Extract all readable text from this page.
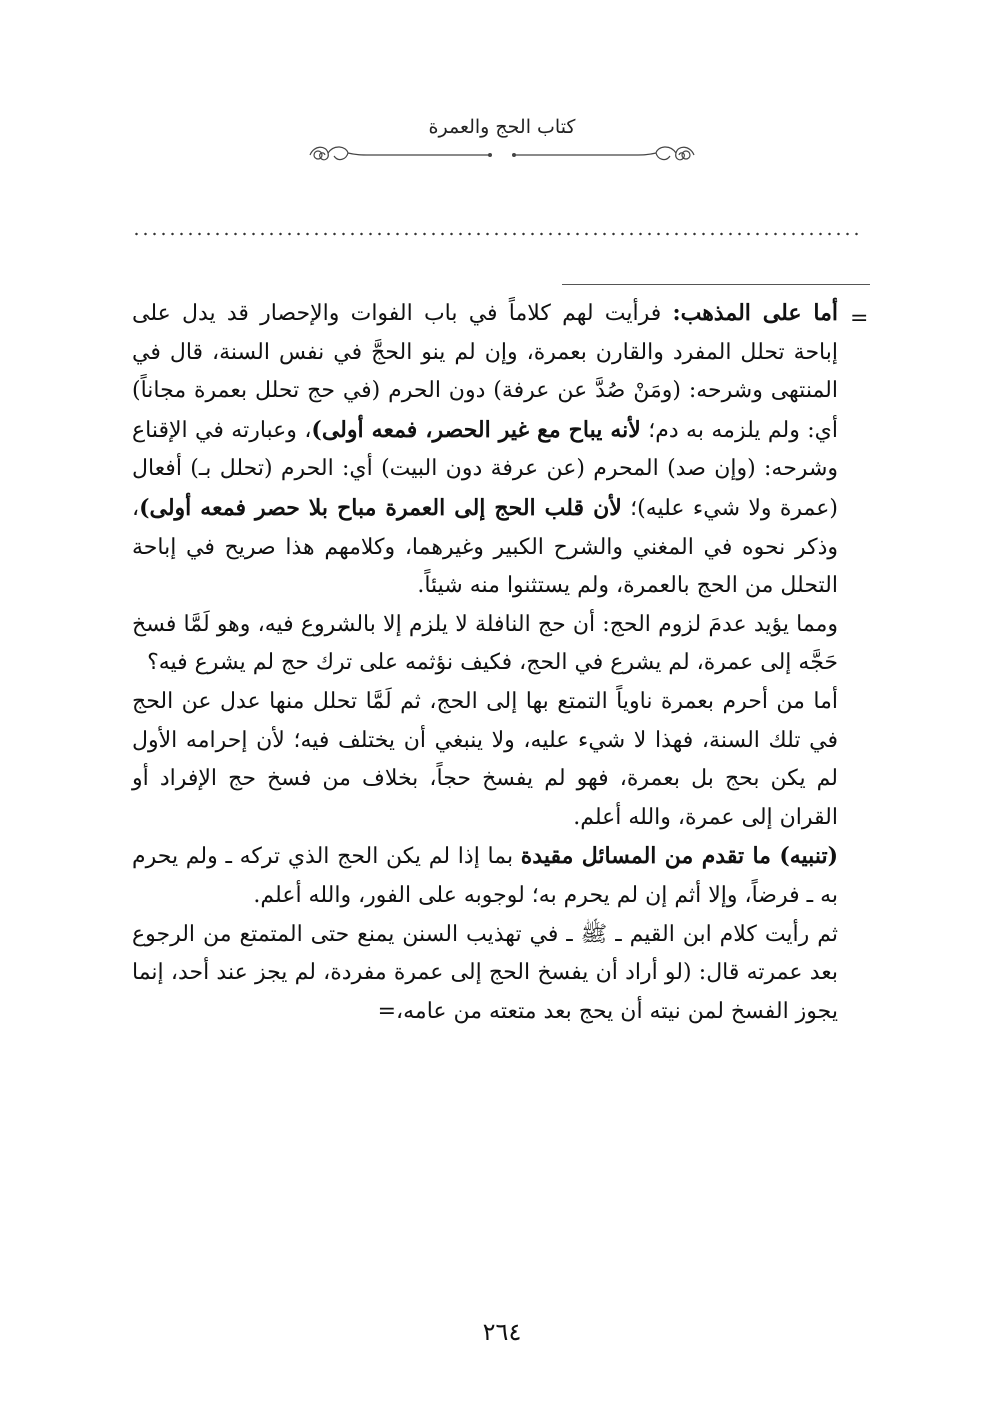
كتاب الحج والعمرة
=

أما على المذهب: فرأيت لهم كلاماً في باب الفوات والإحصار قد يدل على إباحة تحلل المفرد والقارن بعمرة، وإن لم ينو الحجَّ في نفس السنة، قال في المنتهى وشرحه: (ومَنْ صُدَّ عن عرفة) دون الحرم (في حج تحلل بعمرة مجاناً) أي: ولم يلزمه به دم؛ لأنه يباح مع غير الحصر، فمعه أولى)، وعبارته في الإقناع وشرحه: (وإن صد) المحرم (عن عرفة دون البيت) أي: الحرم (تحلل بـ) أفعال (عمرة ولا شيء عليه)؛ لأن قلب الحج إلى العمرة مباح بلا حصر فمعه أولى)، وذكر نحوه في المغني والشرح الكبير وغيرهما، وكلامهم هذا صريح في إباحة التحلل من الحج بالعمرة، ولم يستثنوا منه شيئاً.

ومما يؤيد عدمَ لزوم الحج: أن حج النافلة لا يلزم إلا بالشروع فيه، وهو لَمَّا فسخ حَجَّه إلى عمرة، لم يشرع في الحج، فكيف نؤثمه على ترك حج لم يشرع فيه؟

أما من أحرم بعمرة ناوياً التمتع بها إلى الحج، ثم لَمَّا تحلل منها عدل عن الحج في تلك السنة، فهذا لا شيء عليه، ولا ينبغي أن يختلف فيه؛ لأن إحرامه الأول لم يكن بحج بل بعمرة، فهو لم يفسخ حجاً، بخلاف من فسخ حج الإفراد أو القران إلى عمرة، والله أعلم.

(تنبيه) ما تقدم من المسائل مقيدة بما إذا لم يكن الحج الذي تركه ـ ولم يحرم به ـ فرضاً، وإلا أثم إن لم يحرم به؛ لوجوبه على الفور، والله أعلم.

ثم رأيت كلام ابن القيم ـ ﷺ ـ في تهذيب السنن يمنع حتى المتمتع من الرجوع بعد عمرته قال: (لو أراد أن يفسخ الحج إلى عمرة مفردة، لم يجز عند أحد، إنما يجوز الفسخ لمن نيته أن يحج بعد متعته من عامه،=

٢٦٤
